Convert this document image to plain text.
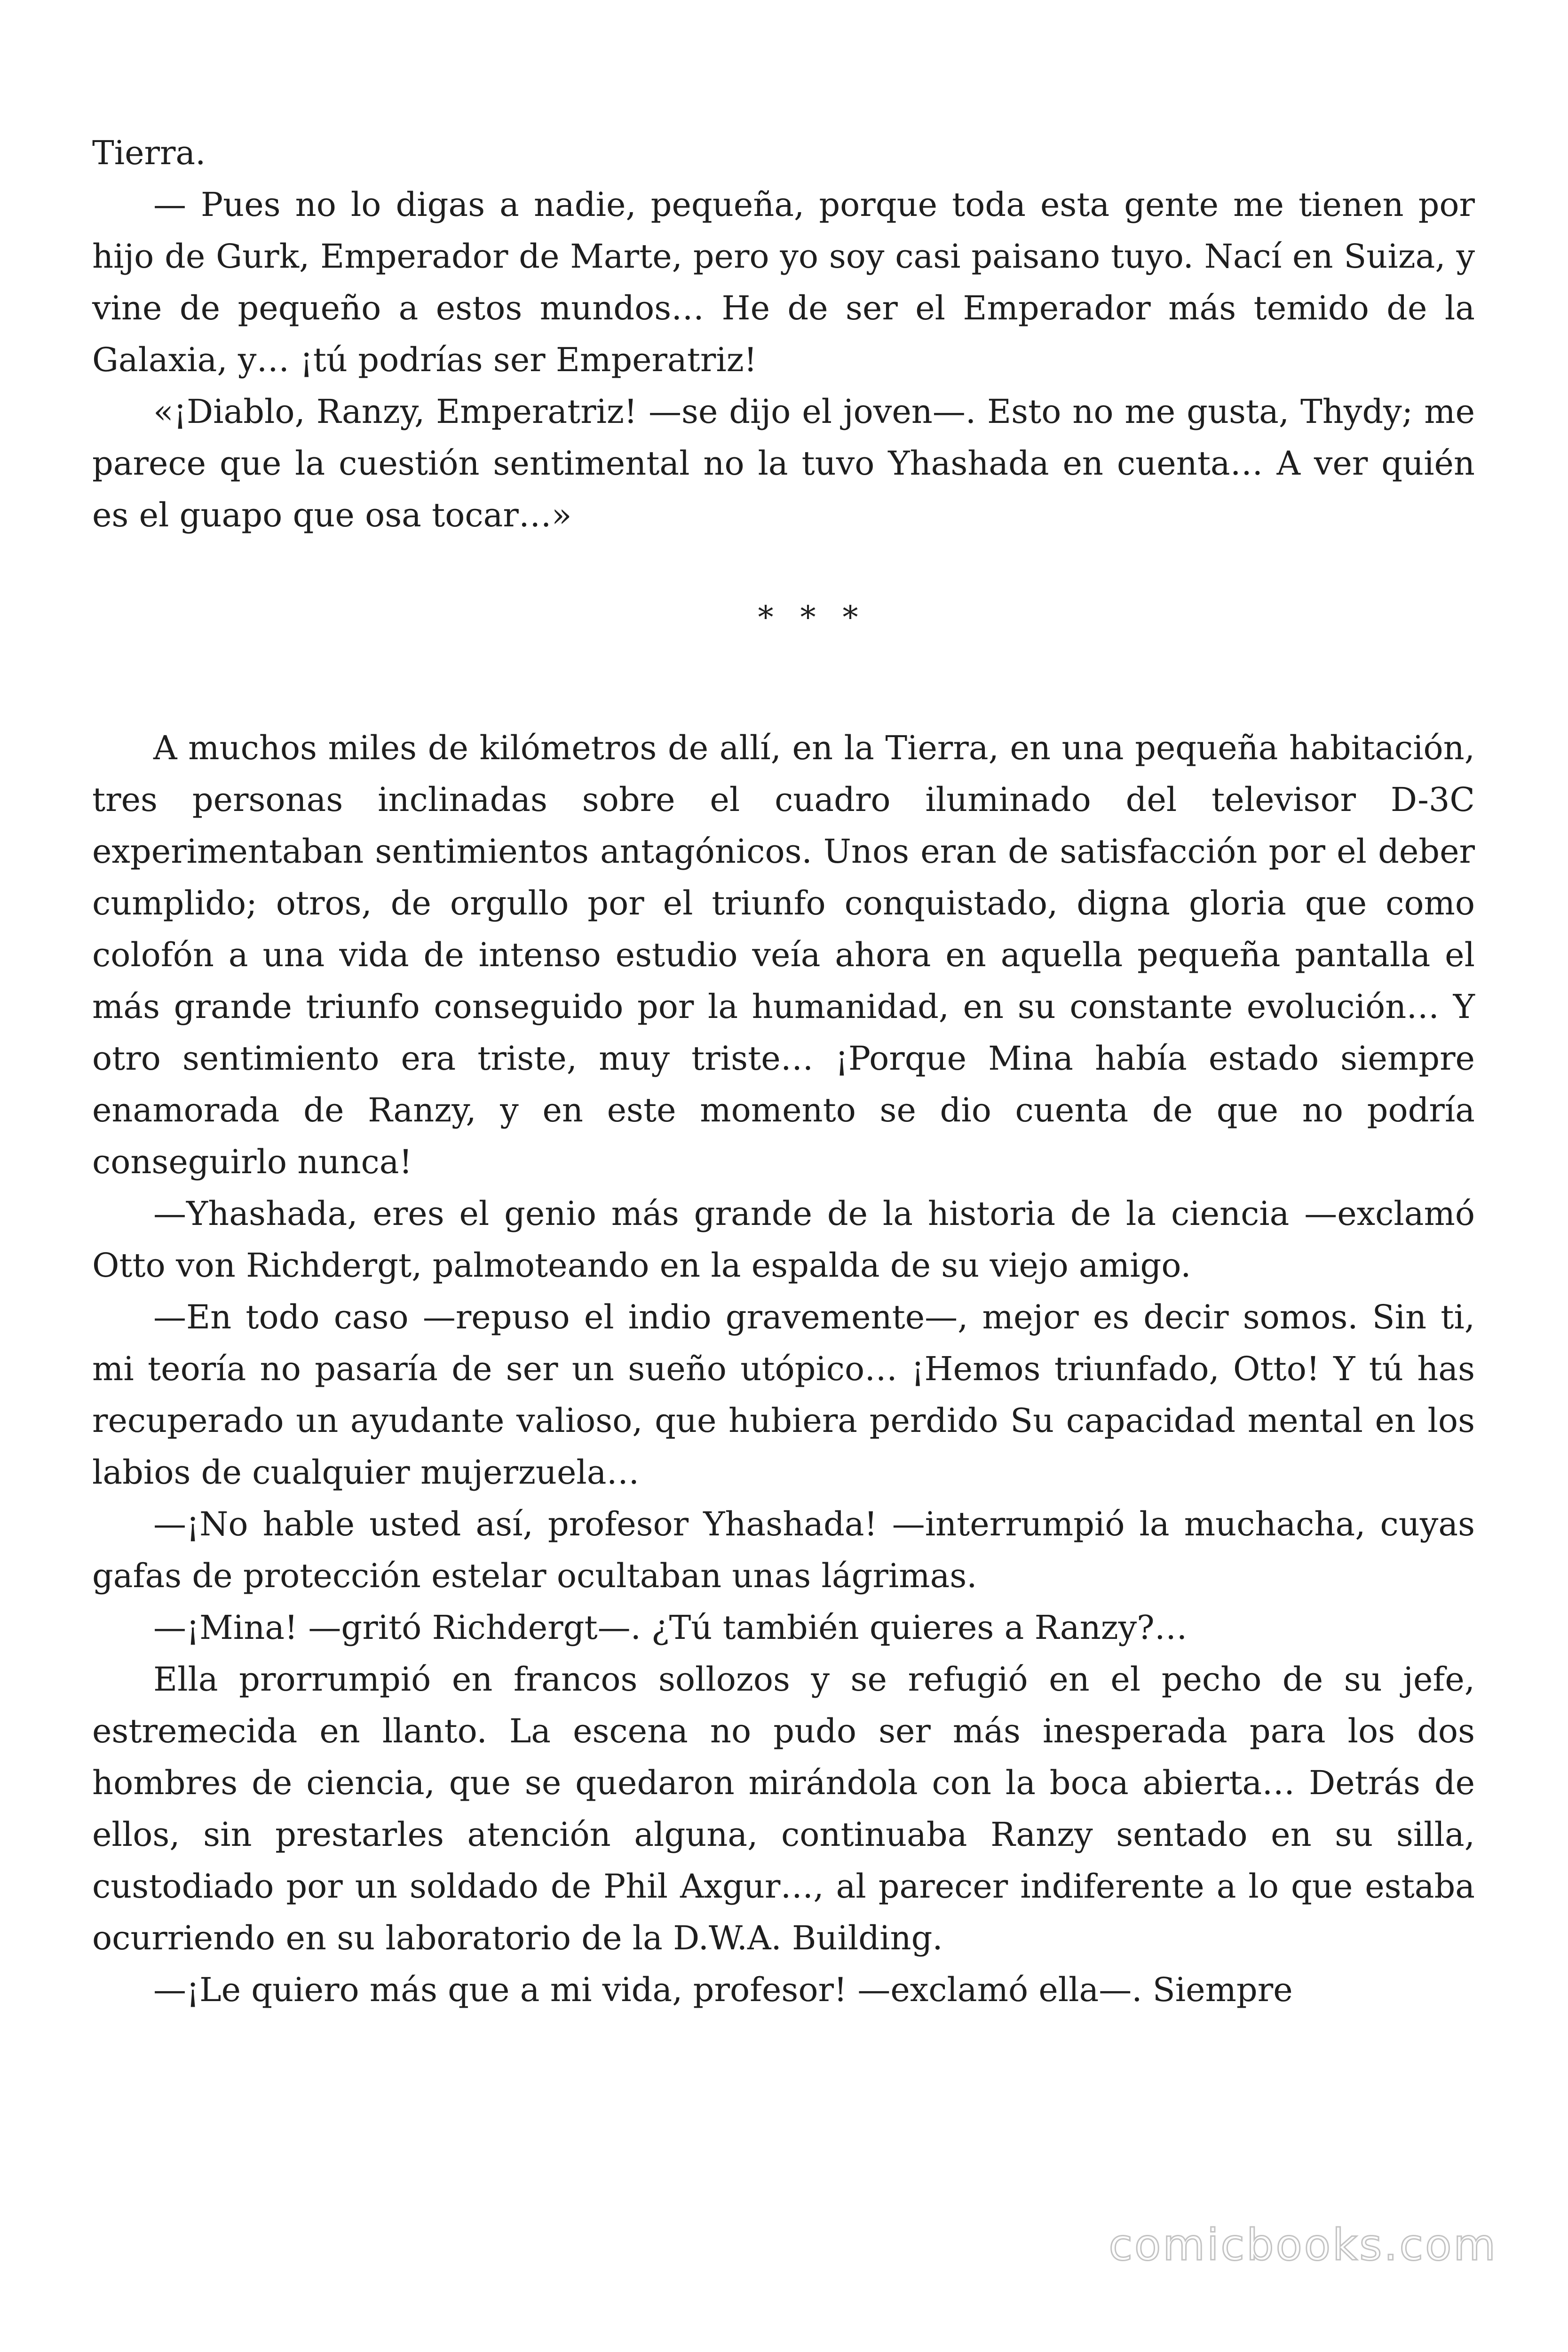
Tierra.

— Pues no lo digas a nadie, pequeña, porque toda esta gente me tienen por hijo de Gurk, Emperador de Marte, pero yo soy casi paisano tuyo. Nací en Suiza, y vine de pequeño a estos mundos… He de ser el Emperador más temido de la Galaxia, y… ¡tú podrías ser Emperatriz!

«¡Diablo, Ranzy, Emperatriz! —se dijo el joven—. Esto no me gusta, Thydy; me parece que la cuestión sentimental no la tuvo Yhashada en cuenta… A ver quién es el guapo que osa tocar…»

* * *

A muchos miles de kilómetros de allí, en la Tierra, en una pequeña habitación, tres personas inclinadas sobre el cuadro iluminado del televisor D-3C experimentaban sentimientos antagónicos. Unos eran de satisfacción por el deber cumplido; otros, de orgullo por el triunfo conquistado, digna gloria que como colofón a una vida de intenso estudio veía ahora en aquella pequeña pantalla el más grande triunfo conseguido por la humanidad, en su constante evolución… Y otro sentimiento era triste, muy triste… ¡Porque Mina había estado siempre enamorada de Ranzy, y en este momento se dio cuenta de que no podría conseguirlo nunca!

—Yhashada, eres el genio más grande de la historia de la ciencia —exclamó Otto von Richdergt, palmoteando en la espalda de su viejo amigo.

—En todo caso —repuso el indio gravemente—, mejor es decir somos. Sin ti, mi teoría no pasaría de ser un sueño utópico… ¡Hemos triunfado, Otto! Y tú has recuperado un ayudante valioso, que hubiera perdido Su capacidad mental en los labios de cualquier mujerzuela…

—¡No hable usted así, profesor Yhashada! —interrumpió la muchacha, cuyas gafas de protección estelar ocultaban unas lágrimas.

—¡Mina! —gritó Richdergt—. ¿Tú también quieres a Ranzy?…

Ella prorrumpió en francos sollozos y se refugió en el pecho de su jefe, estremecida en llanto. La escena no pudo ser más inesperada para los dos hombres de ciencia, que se quedaron mirándola con la boca abierta… Detrás de ellos, sin prestarles atención alguna, continuaba Ranzy sentado en su silla, custodiado por un soldado de Phil Axgur…, al parecer indiferente a lo que estaba ocurriendo en su laboratorio de la D.W.A. Building.

—¡Le quiero más que a mi vida, profesor! —exclamó ella—. Siempre

comicbooks.com
